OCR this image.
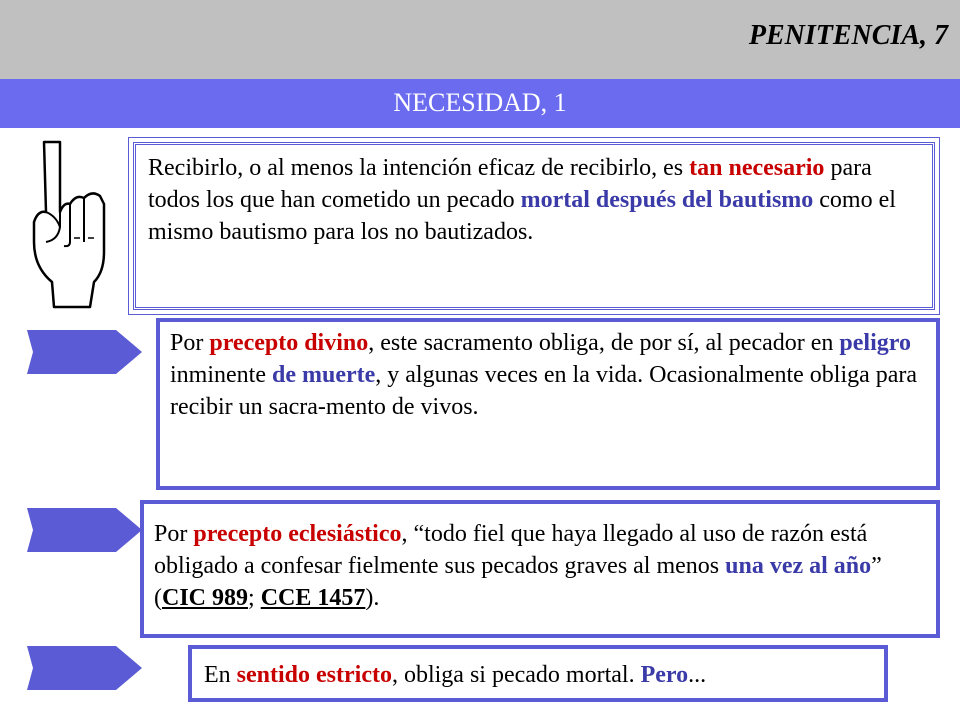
PENITENCIA, 7
NECESIDAD, 1
Recibirlo, o al menos la intención eficaz de recibirlo, es tan necesario para todos los que han cometido un pecado mortal después del bautismo como el mismo bautismo para los no bautizados.
Por precepto divino, este sacramento obliga, de por sí, al pecador en peligro inminente de muerte, y algunas veces en la vida. Ocasionalmente obliga para recibir un sacra-mento de vivos.
Por precepto eclesiástico, “todo fiel que haya llegado al uso de razón está obligado a confesar fielmente sus pecados graves al menos una vez al año” (CIC 989; CCE 1457).
En sentido estricto, obliga si pecado mortal. Pero...
